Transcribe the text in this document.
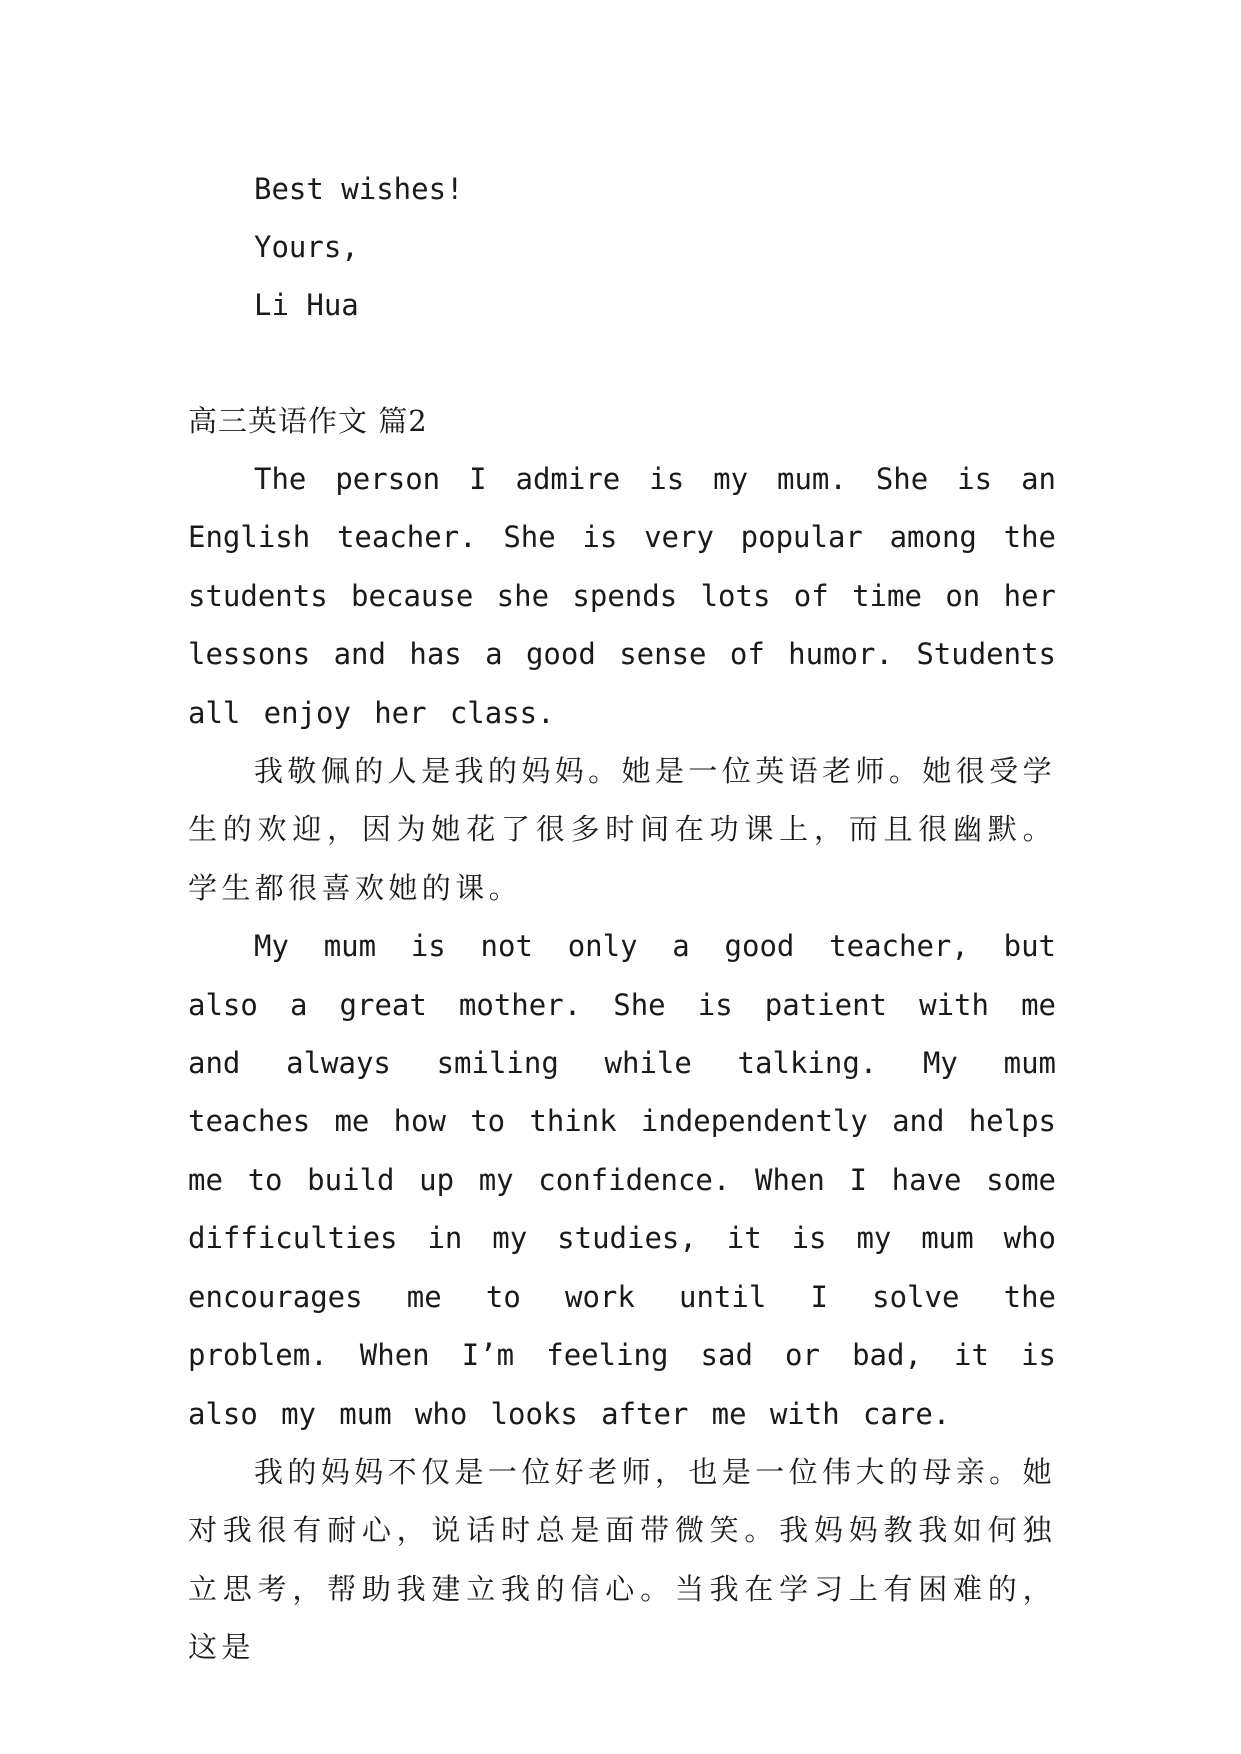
Best wishes!
Yours,
Li Hua
高三英语作文 篇2

The person I admire is my mum. She is an English teacher. She is very popular among the students because she spends lots of time on her lessons and has a good sense of humor. Students all enjoy her class.

我敬佩的人是我的妈妈。她是一位英语老师。她很受学生的欢迎，因为她花了很多时间在功课上，而且很幽默。学生都很喜欢她的课。

My mum is not only a good teacher, but also a great mother. She is patient with me and always smiling while talking. My mum teaches me how to think independently and helps me to build up my confidence. When I have some difficulties in my studies, it is my mum who encourages me to work until I solve the problem. When I’m feeling sad or bad, it is also my mum who looks after me with care.

我的妈妈不仅是一位好老师，也是一位伟大的母亲。她对我很有耐心，说话时总是面带微笑。我妈妈教我如何独立思考，帮助我建立我的信心。当我在学习上有困难的，这是
